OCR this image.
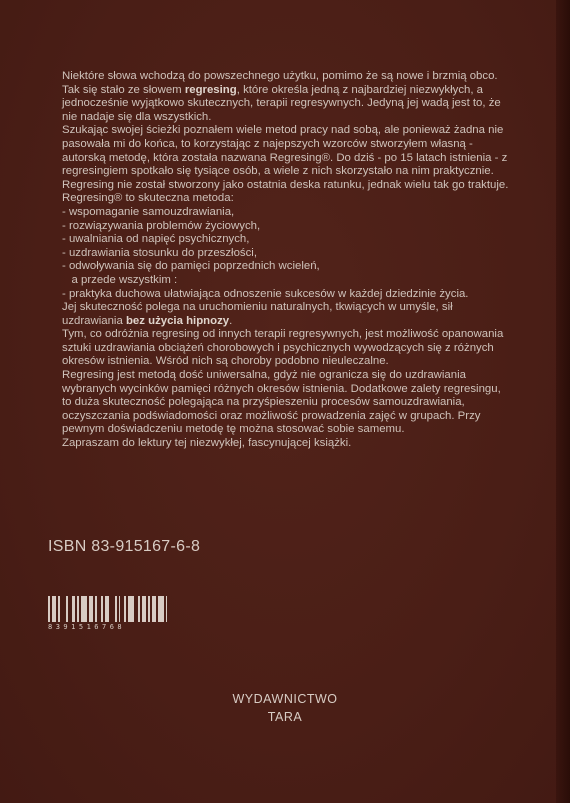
Niektóre słowa wchodzą do powszechnego użytku, pomimo że są nowe i brzmią obco. Tak się stało ze słowem regresing, które określa jedną z najbardziej niezwykłych, a jednocześnie wyjątkowo skutecznych, terapii regresywnych. Jedyną jej wadą jest to, że nie nadaje się dla wszystkich.

Szukając swojej ścieżki poznałem wiele metod pracy nad sobą, ale ponieważ żadna nie pasowała mi do końca, to korzystając z najepszych wzorców stworzyłem własną -autorską metodę, która została nazwana Regresing®. Do dziś - po 15 latach istnienia - z regresingiem spotkało się tysiące osób, a wiele z nich skorzystało na nim praktycznie. Regresing nie został stworzony jako ostatnia deska ratunku, jednak wielu tak go traktuje.

Regresing® to skuteczna metoda:

- wspomaganie samouzdrawiania,

- rozwiązywania problemów życiowych,

- uwalniania od napięć psychicznych,

- uzdrawiania stosunku do przeszłości,

- odwoływania się do pamięci poprzednich wcieleń,

a przede wszystkim :

- praktyka duchowa ułatwiająca odnoszenie sukcesów w każdej dziedzinie życia.

Jej skuteczność polega na uruchomieniu naturalnych, tkwiących w umyśle, sił uzdrawiania bez użycia hipnozy.

Tym, co odróżnia regresing od innych terapii regresywnych, jest możliwość opanowania sztuki uzdrawiania obciążeń chorobowych i psychicznych wywodzących się z różnych okresów istnienia. Wśród nich są choroby podobno nieuleczalne.

Regresing jest metodą dość uniwersalna, gdyż nie ogranicza się do uzdrawiania wybranych wycinków pamięci różnych okresów istnienia. Dodatkowe zalety regresingu, to duża skuteczność polegająca na przyśpieszeniu procesów samouzdrawiania, oczyszczania podświadomości oraz możliwość prowadzenia zajęć w grupach. Przy pewnym doświadczeniu metodę tę można stosować sobie samemu.

Zapraszam do lektury tej niezwykłej, fascynującej książki.

ISBN 83-915167-6-8
8391516768
WYDAWNICTWO
TARA
